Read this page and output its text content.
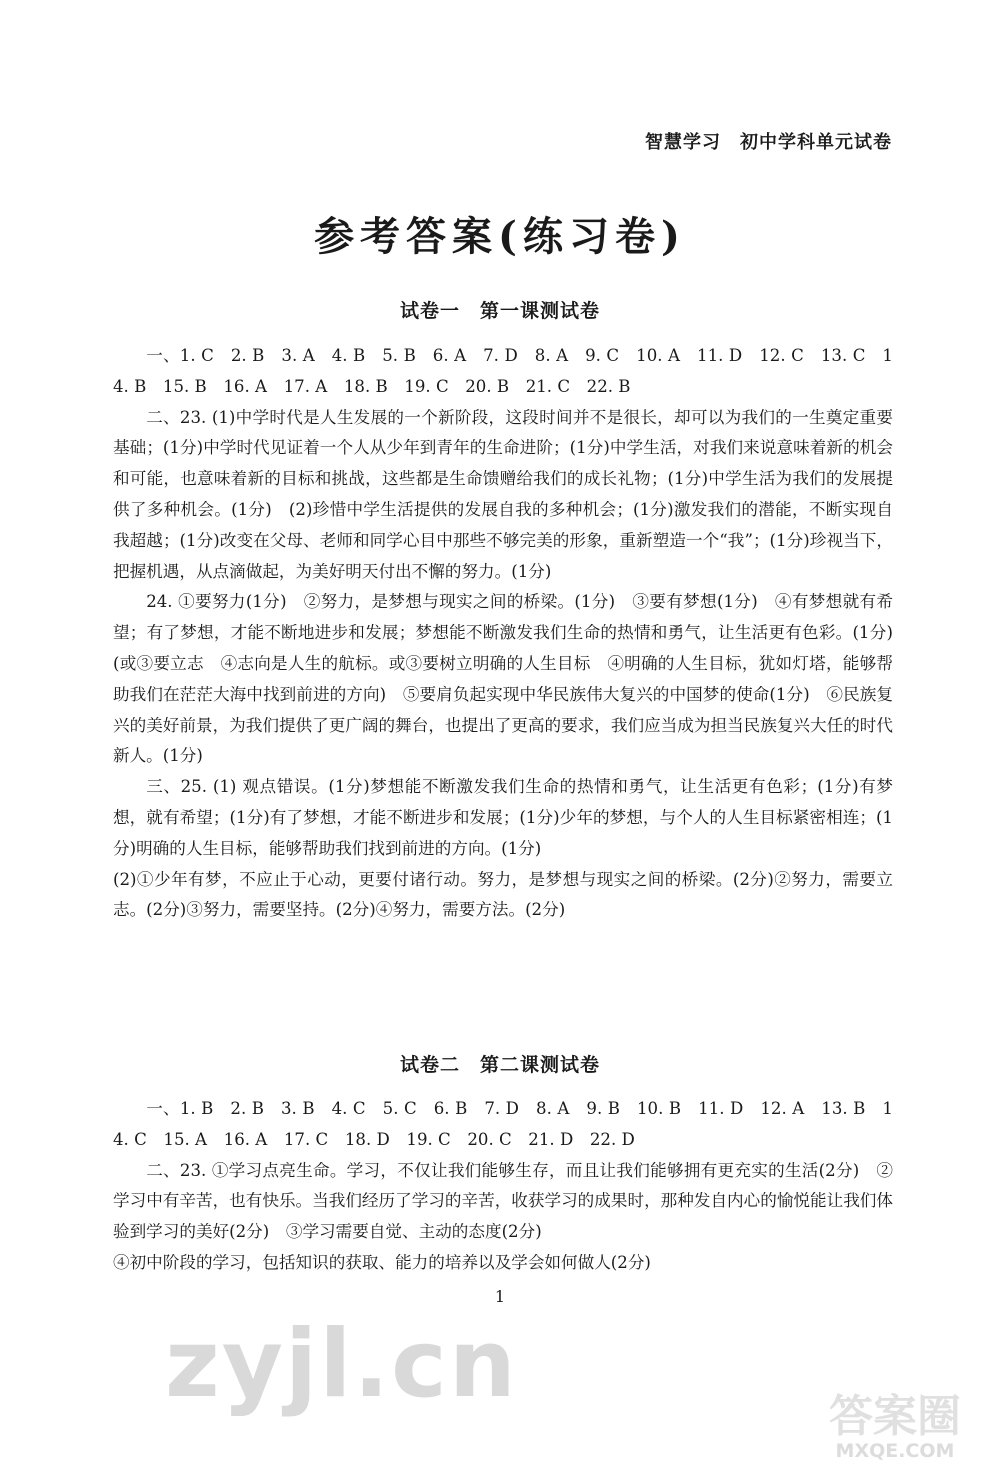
智慧学习　初中学科单元试卷
参考答案(练习卷)
试卷一　第一课测试卷

一、1. C　2. B　3. A　4. B　5. B　6. A　7. D　8. A　9. C　10. A　11. D　12. C　13. C　14. B　15. B　16. A　17. A　18. B　19. C　20. B　21. C　22. B

二、23. (1)中学时代是人生发展的一个新阶段，这段时间并不是很长，却可以为我们的一生奠定重要基础；(1分)中学时代见证着一个人从少年到青年的生命进阶；(1分)中学生活，对我们来说意味着新的机会和可能，也意味着新的目标和挑战，这些都是生命馈赠给我们的成长礼物；(1分)中学生活为我们的发展提供了多种机会。(1分)　(2)珍惜中学生活提供的发展自我的多种机会；(1分)激发我们的潜能，不断实现自我超越；(1分)改变在父母、老师和同学心目中那些不够完美的形象，重新塑造一个“我”；(1分)珍视当下，把握机遇，从点滴做起，为美好明天付出不懈的努力。(1分)

24. ①要努力(1分)　②努力，是梦想与现实之间的桥梁。(1分)　③要有梦想(1分)　④有梦想就有希望；有了梦想，才能不断地进步和发展；梦想能不断激发我们生命的热情和勇气，让生活更有色彩。(1分)(或③要立志　④志向是人生的航标。或③要树立明确的人生目标　④明确的人生目标，犹如灯塔，能够帮助我们在茫茫大海中找到前进的方向)　⑤要肩负起实现中华民族伟大复兴的中国梦的使命(1分)　⑥民族复兴的美好前景，为我们提供了更广阔的舞台，也提出了更高的要求，我们应当成为担当民族复兴大任的时代新人。(1分)

三、25. (1) 观点错误。(1分)梦想能不断激发我们生命的热情和勇气，让生活更有色彩；(1分)有梦想，就有希望；(1分)有了梦想，才能不断进步和发展；(1分)少年的梦想，与个人的人生目标紧密相连；(1分)明确的人生目标，能够帮助我们找到前进的方向。(1分)

(2)①少年有梦，不应止于心动，更要付诸行动。努力，是梦想与现实之间的桥梁。(2分)②努力，需要立志。(2分)③努力，需要坚持。(2分)④努力，需要方法。(2分)

试卷二　第二课测试卷

一、1. B　2. B　3. B　4. C　5. C　6. B　7. D　8. A　9. B　10. B　11. D　12. A　13. B　14. C　15. A　16. A　17. C　18. D　19. C　20. C　21. D　22. D

二、23. ①学习点亮生命。学习，不仅让我们能够生存，而且让我们能够拥有更充实的生活(2分)　②学习中有辛苦，也有快乐。当我们经历了学习的辛苦，收获学习的成果时，那种发自内心的愉悦能让我们体验到学习的美好(2分)　③学习需要自觉、主动的态度(2分)

④初中阶段的学习，包括知识的获取、能力的培养以及学会如何做人(2分)

1
zyjl.cn	答案圈
MXQE.COM
